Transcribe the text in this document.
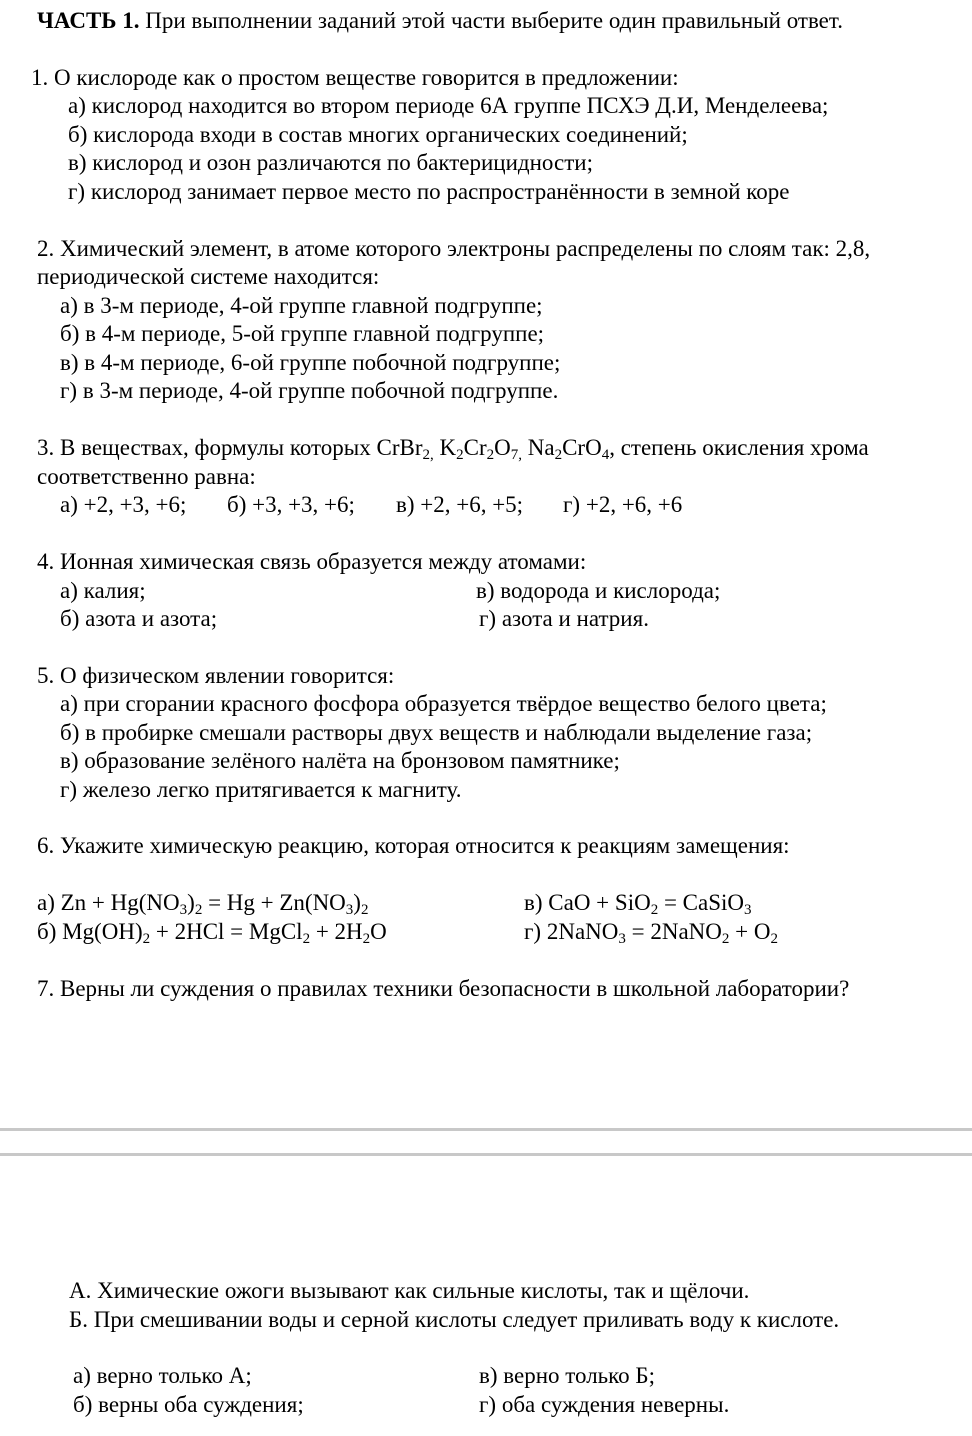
ЧАСТЬ 1. При выполнении заданий этой части выберите один правильный ответ.
1. О кислороде как о простом веществе говорится в предложении:
а) кислород находится во втором периоде 6А группе ПСХЭ Д.И, Менделеева;
б) кислорода входи в состав многих органических соединений;
в) кислород и озон различаются по бактерицидности;
г) кислород занимает первое место по распространённости в земной коре
2. Химический элемент, в атоме которого электроны распределены по слоям так: 2,8,
периодической системе находится:
а) в 3-м периоде, 4-ой группе главной подгруппе;
б) в 4-м периоде, 5-ой группе главной подгруппе;
в) в 4-м периоде, 6-ой группе побочной подгруппе;
г) в 3-м периоде, 4-ой группе побочной подгруппе.
3. В веществах, формулы которых CrBr$_{2,}$ $K_2Cr_2O_{7,}$ $Na_2CrO_4$, степень окисления хрома
соответственно равна:
а) +2, +3, +6; б) +3, +3, +6; в) +2, +6, +5; г) +2, +6, +6
4. Ионная химическая связь образуется между атомами:
а) калия;
б) азота и азота;
в) водорода и кислорода;
г) азота и натрия.
5. О физическом явлении говорится:
а) при сгорании красного фосфора образуется твёрдое вещество белого цвета;
б) в пробирке смешали растворы двух веществ и наблюдали выделение газа;
в) образование зелёного налёта на бронзовом памятнике;
г) железо легко притягивается к магниту.
6. Укажите химическую реакцию, которая относится к реакциям замещения:
а) $Zn + Hg(NO_3)_2 = Hg + Zn(NO_3)_2$
б) $Mg(OH)_2 + 2HCl$ = MgCl$_2$ + $2H_2O$
в) CaO + SiO$_2$ = CaSiO$_3$
г) 2NaNO$_3$ = 2NaNO$_2$ + $O_2$
7. Верны ли суждения о правилах техники безопасности в школьной лаборатории?
А. Химические ожоги вызывают как сильные кислоты, так и щёлочи.
Б. При смешивании воды и серной кислоты следует приливать воду к кислоте.
а) верно только А;
б) верны оба суждения;
в) верно только Б;
г) оба суждения неверны.
